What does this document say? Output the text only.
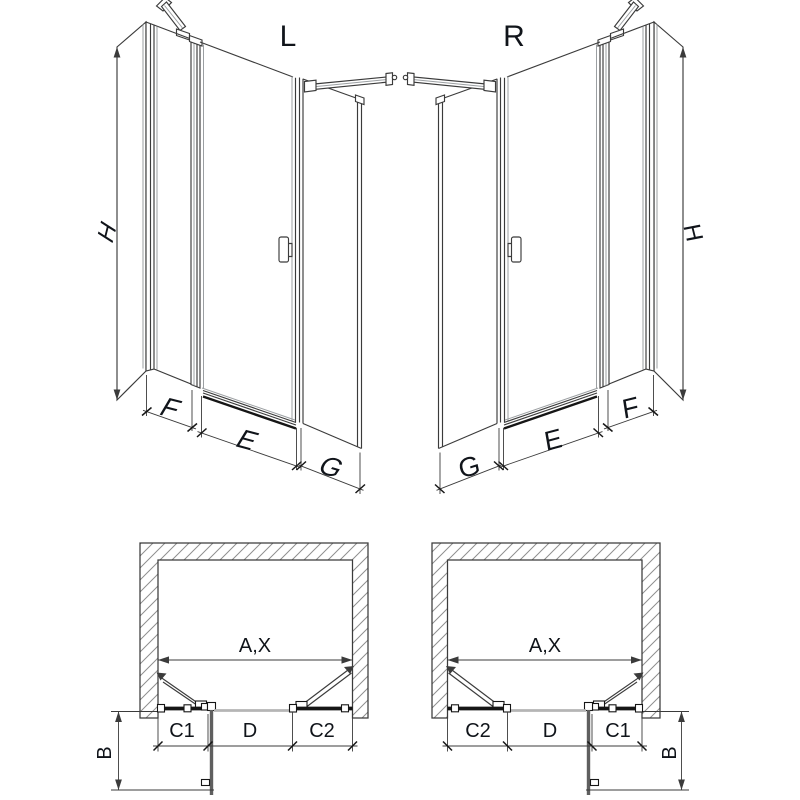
L
H
F
E
G
R
H
G
E
F
A,X
C1 D	C2
B
A,X
C2	D C1
B
